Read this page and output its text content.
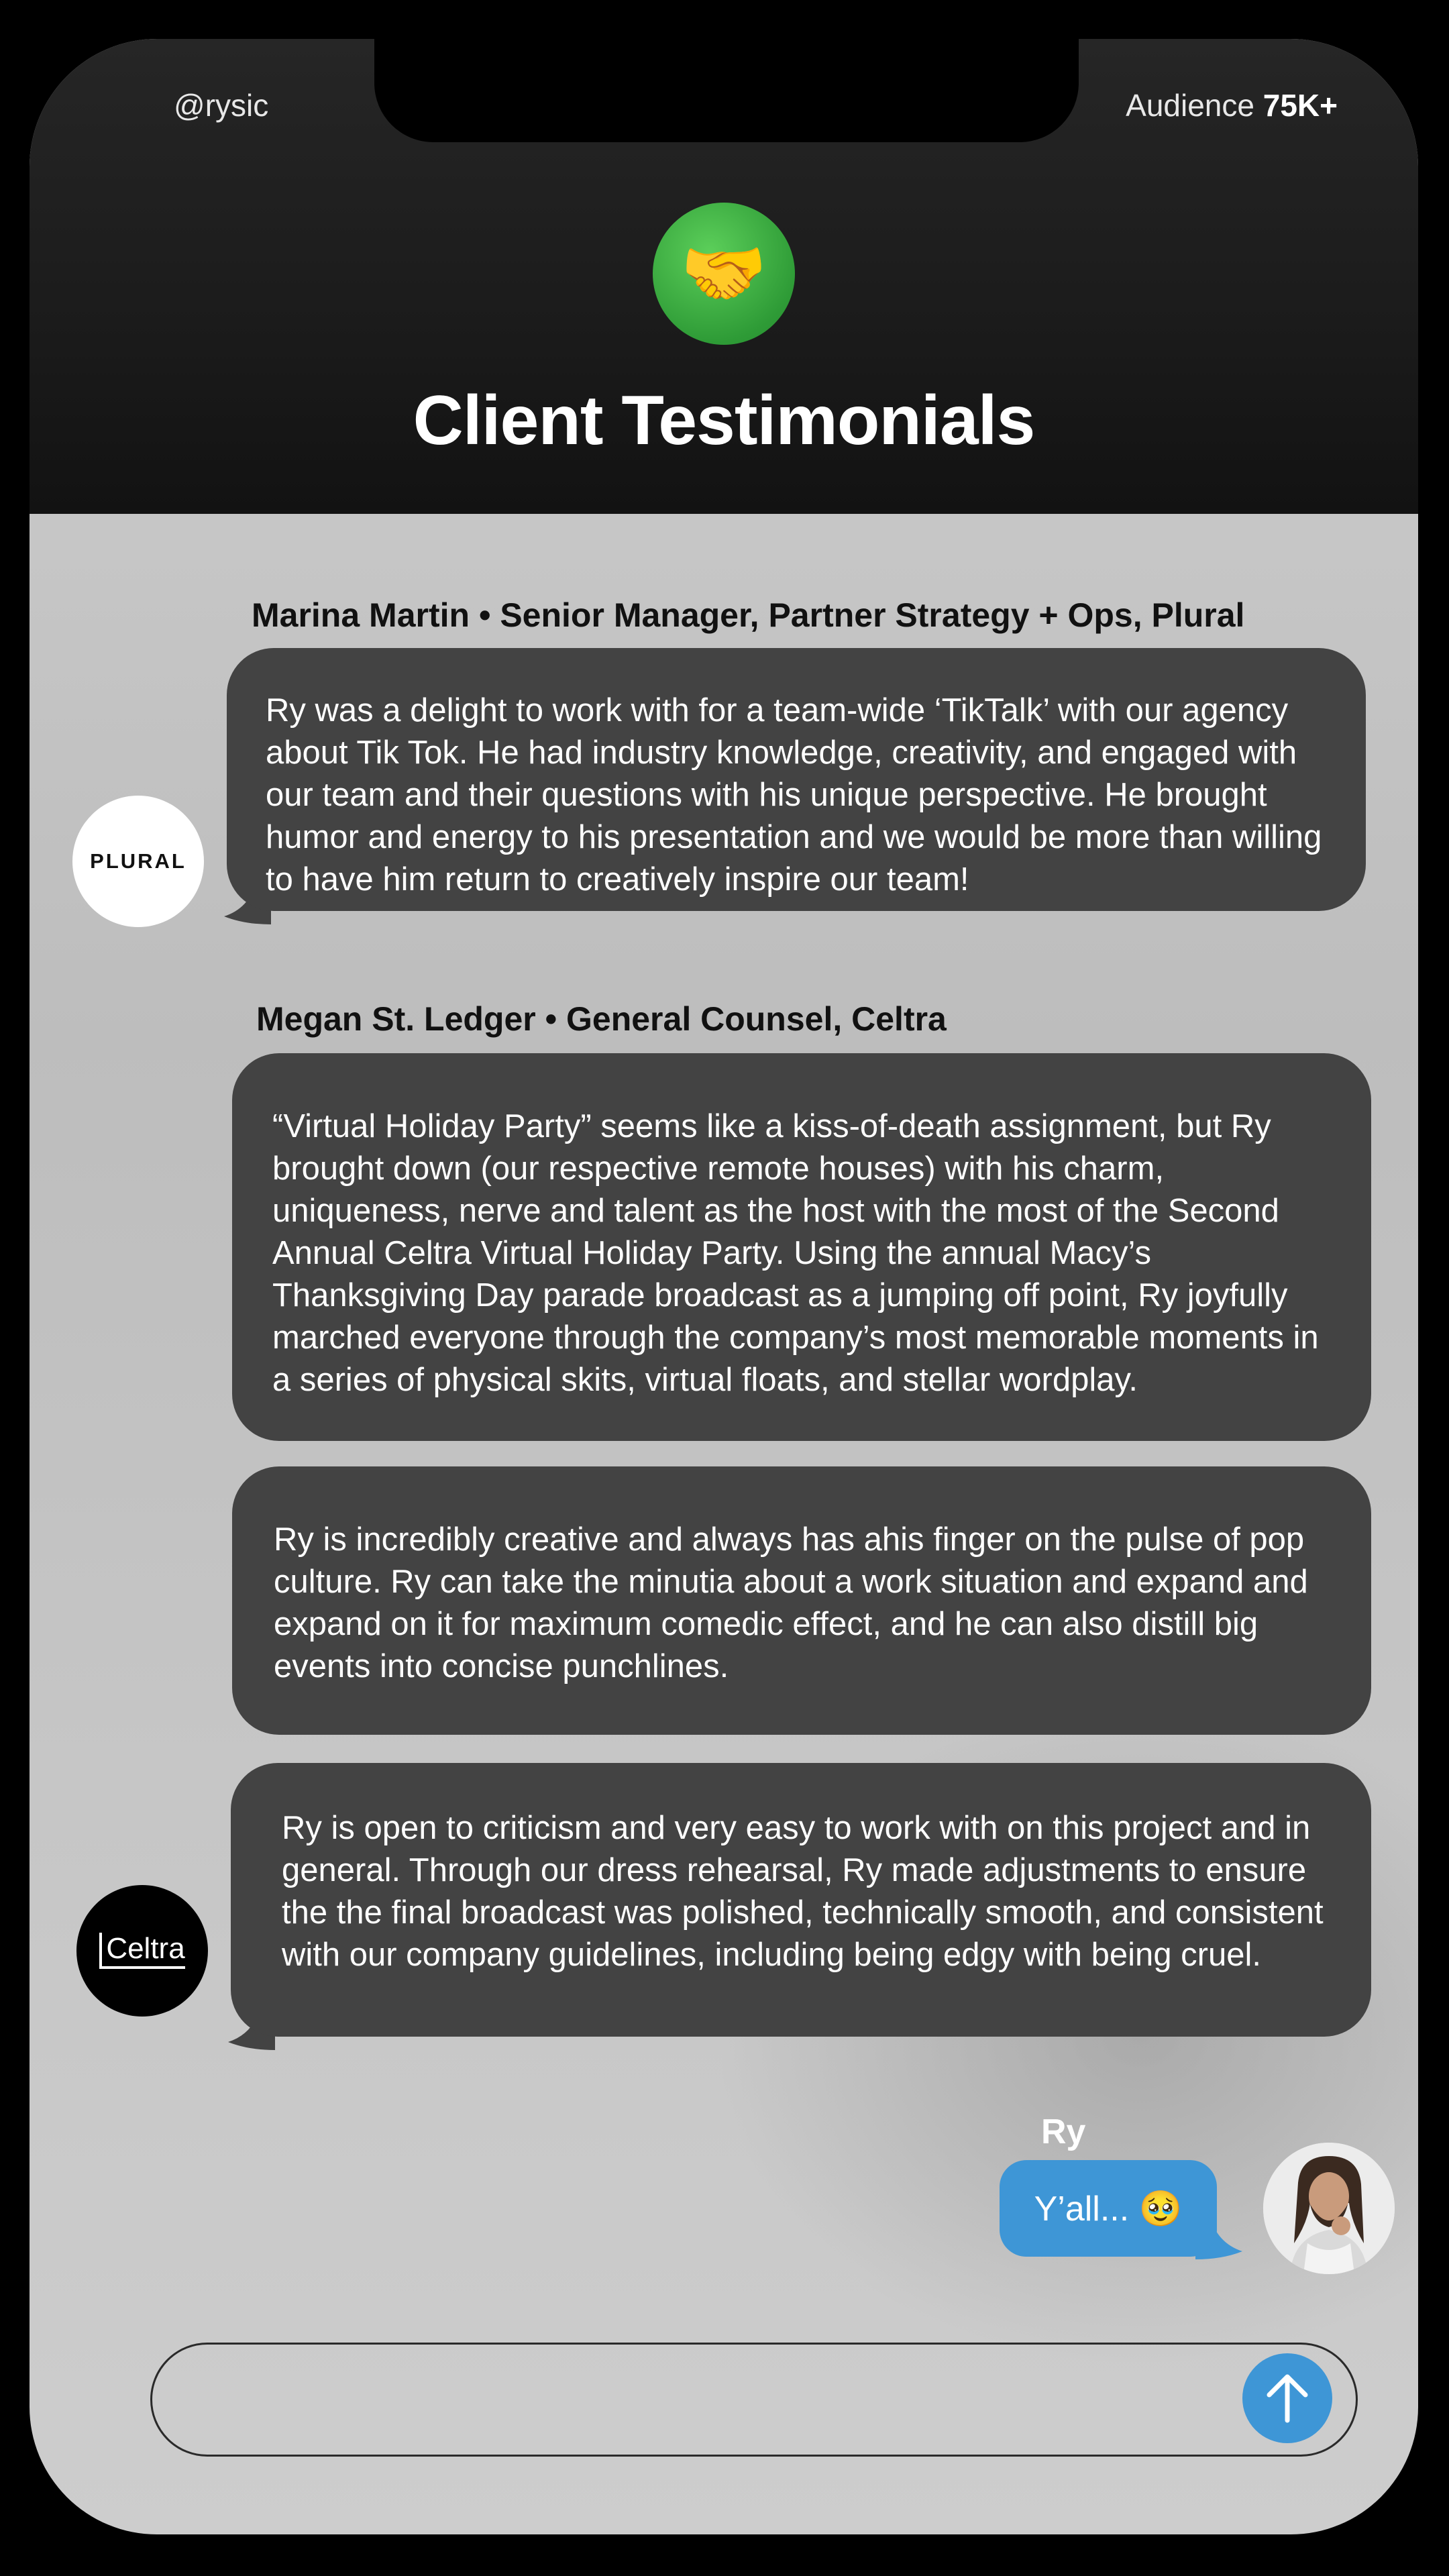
@rysic	Audience 75K+
🤝
Client Testimonials
Marina Martin • Senior Manager, Partner Strategy + Ops, Plural
Ry was a delight to work with for a team-wide ‘TikTalk’ with our agency about Tik Tok. He had industry knowledge, creativity, and engaged with our team and their questions with his unique perspective. He brought humor and energy to his presentation and we would be more than willing to have him return to creatively inspire our team!
PLURAL
Megan St. Ledger • General Counsel, Celtra
“Virtual Holiday Party” seems like a kiss-of-death assignment, but Ry brought down (our respective remote houses) with his charm, uniqueness, nerve and talent as the host with the most of the Second Annual Celtra Virtual Holiday Party. Using the annual Macy’s Thanksgiving Day parade broadcast as a jumping off point, Ry joyfully marched everyone through the company’s most memorable moments in a series of physical skits, virtual floats, and stellar wordplay.
Ry is incredibly creative and always has ahis finger on the pulse of pop culture. Ry can take the minutia about a work situation and expand and expand on it for maximum comedic effect, and he can also distill big events into concise punchlines.
Ry is open to criticism and very easy to work with on this project and in general. Through our dress rehearsal, Ry made adjustments to ensure the the final broadcast was polished, technically smooth, and consistent with our company guidelines, including being edgy with being cruel.
Celtra
Ry
Y’all... 🥹
